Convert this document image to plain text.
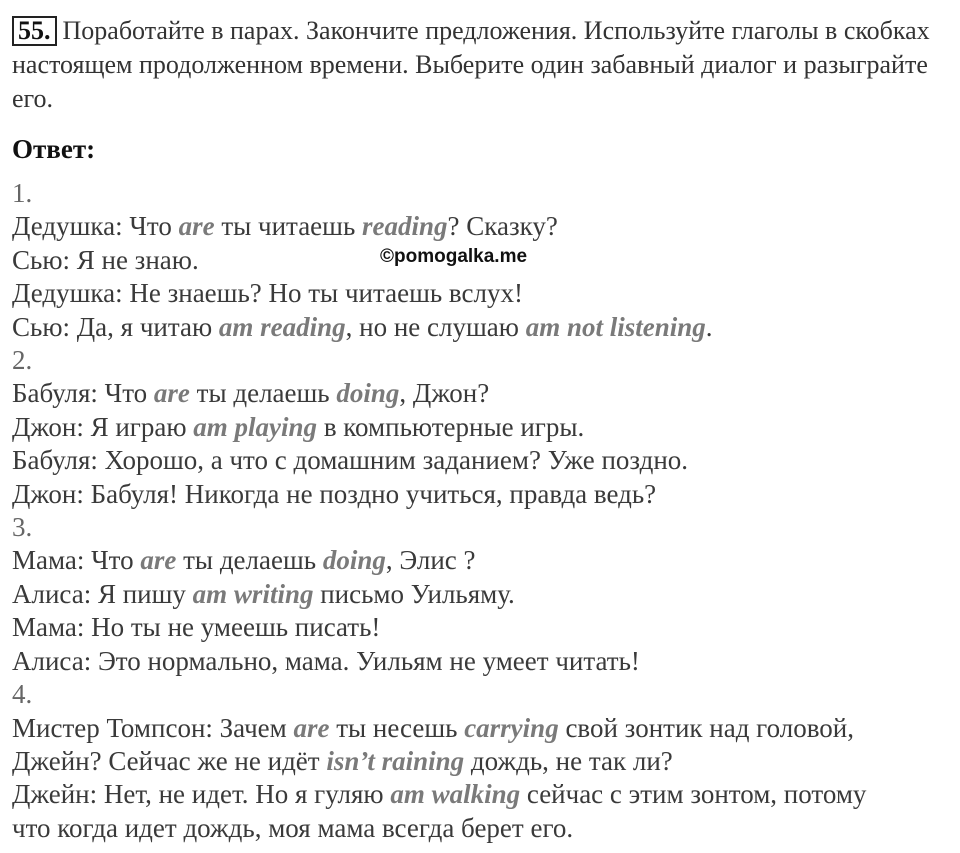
55. Поработайте в парах. Закончите предложения. Используйте глаголы в скобках настоящем продолженном времени. Выберите один забавный диалог и разыграйте его.
Ответ:
©pomogalka.me
1.
Дедушка: Что are ты читаешь reading? Сказку?
Сью: Я не знаю.
Дедушка: Не знаешь? Но ты читаешь вслух!
Сью: Да, я читаю am reading, но не слушаю am not listening.
2.
Бабуля: Что are ты делаешь doing, Джон?
Джон: Я играю am playing в компьютерные игры.
Бабуля: Хорошо, а что с домашним заданием? Уже поздно.
Джон: Бабуля! Никогда не поздно учиться, правда ведь?
3.
Мама: Что are ты делаешь doing, Элис ?
Алиса: Я пишу am writing письмо Уильяму.
Мама: Но ты не умеешь писать!
Алиса: Это нормально, мама. Уильям не умеет читать!
4.
Мистер Томпсон: Зачем are ты несешь carrying свой зонтик над головой,
Джейн? Сейчас же не идёт isn’t raining дождь, не так ли?
Джейн: Нет, не идет. Но я гуляю am walking сейчас с этим зонтом, потому
что когда идет дождь, моя мама всегда берет его.
